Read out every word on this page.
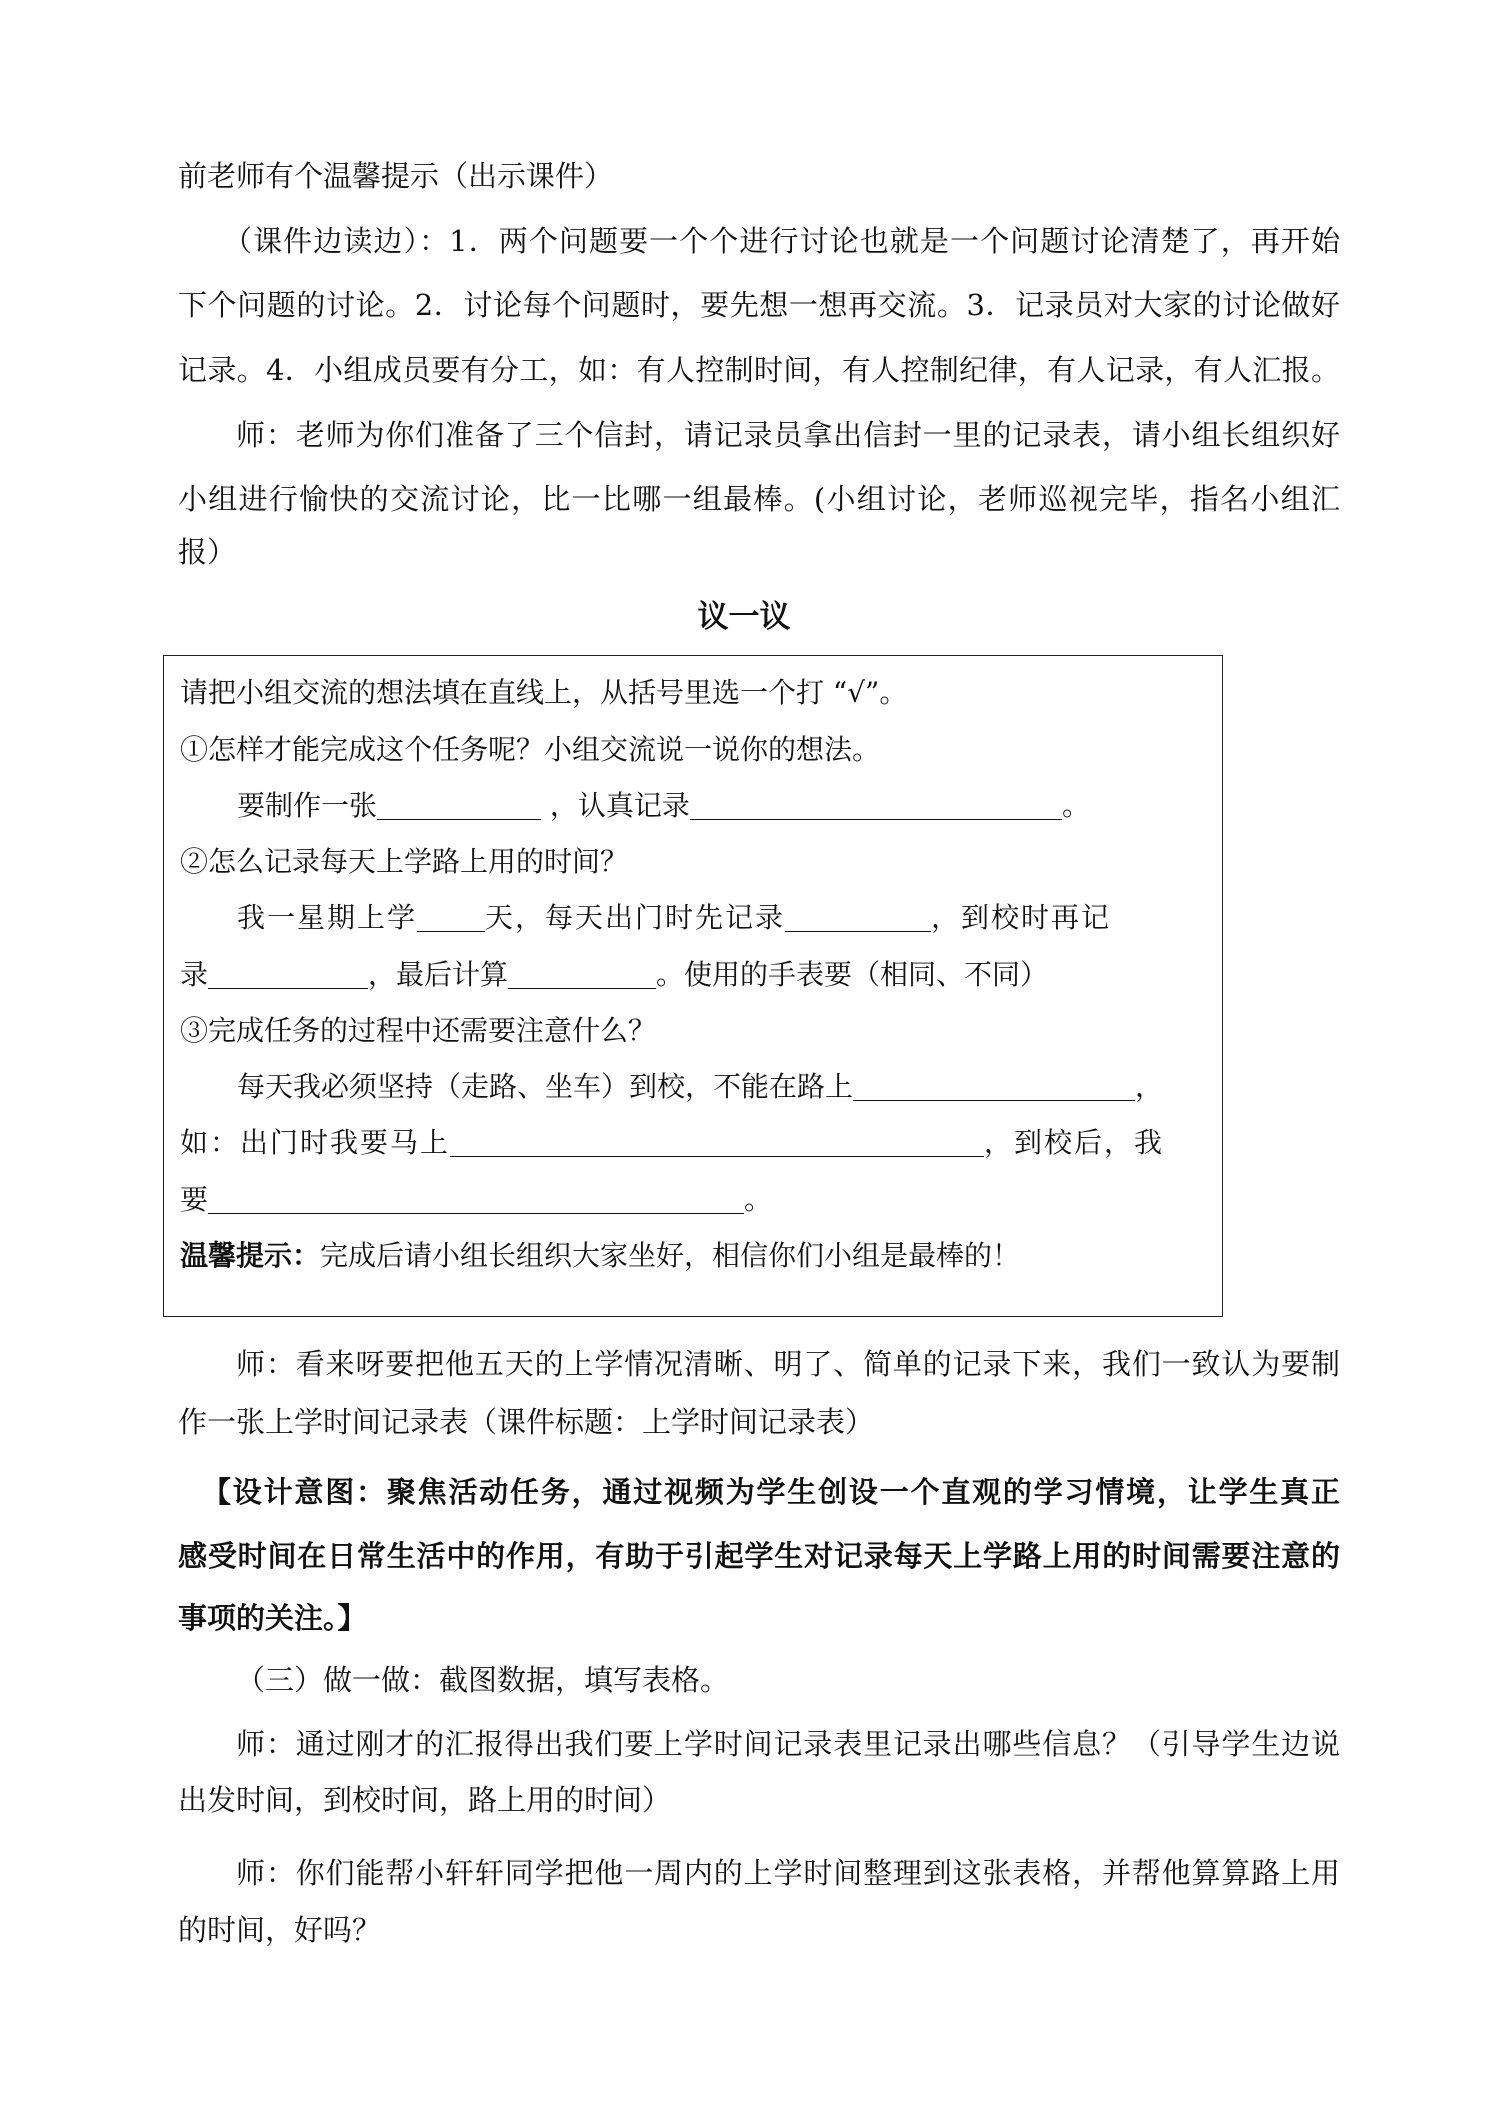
前老师有个温馨提示（出示课件）

（课件边读边）：1．两个问题要一个个进行讨论也就是一个问题讨论清楚了，再开始

下个问题的讨论。2．讨论每个问题时，要先想一想再交流。3．记录员对大家的讨论做好

记录。4．小组成员要有分工，如：有人控制时间，有人控制纪律，有人记录，有人汇报。

师：老师为你们准备了三个信封，请记录员拿出信封一里的记录表，请小组长组织好

小组进行愉快的交流讨论，比一比哪一组最棒。(小组讨论，老师巡视完毕，指名小组汇

报）

议一议

请把小组交流的想法填在直线上，从括号里选一个打 “√”。

①怎样才能完成这个任务呢？小组交流说一说你的想法。

要制作一张	，认真记录	。

②怎么记录每天上学路上用的时间？

我一星期上学 天，每天出门时先记录	，到校时再记

录	，最后计算	。使用的手表要（相同、不同）

③完成任务的过程中还需要注意什么？

每天我必须坚持（走路、坐车）到校，不能在路上	，

如：出门时我要马上	，到校后，我

要	。

温馨提示：完成后请小组长组织大家坐好，相信你们小组是最棒的！

师：看来呀要把他五天的上学情况清晰、明了、简单的记录下来，我们一致认为要制

作一张上学时间记录表（课件标题：上学时间记录表）

【设计意图：聚焦活动任务，通过视频为学生创设一个直观的学习情境，让学生真正

感受时间在日常生活中的作用，有助于引起学生对记录每天上学路上用的时间需要注意的

事项的关注。】

（三）做一做：截图数据，填写表格。

师：通过刚才的汇报得出我们要上学时间记录表里记录出哪些信息？（引导学生边说

出发时间，到校时间，路上用的时间）

师：你们能帮小轩轩同学把他一周内的上学时间整理到这张表格，并帮他算算路上用

的时间，好吗？
